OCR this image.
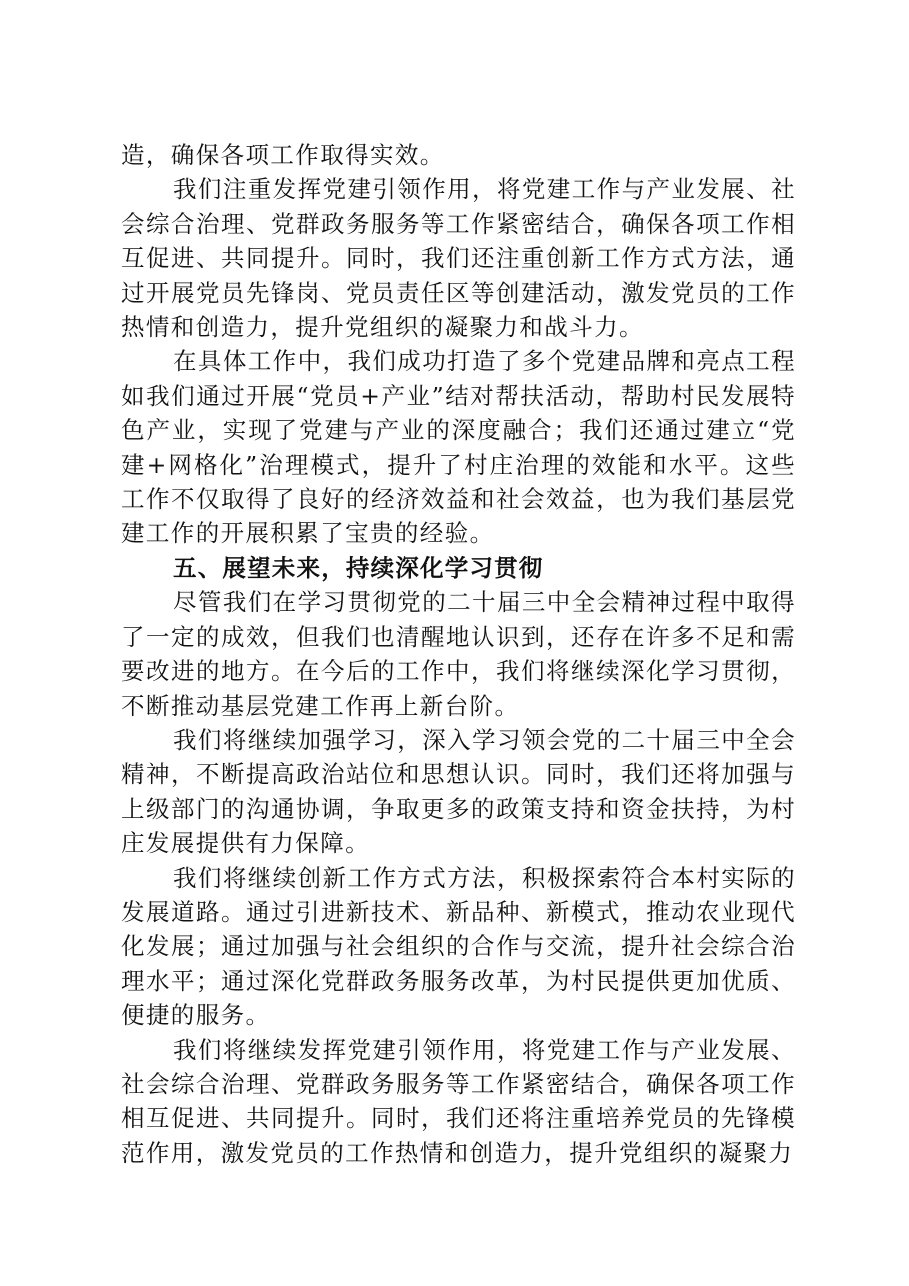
造，确保各项工作取得实效。

我们注重发挥党建引领作用，将党建工作与产业发展、社会综合治理、党群政务服务等工作紧密结合，确保各项工作相互促进、共同提升。同时，我们还注重创新工作方式方法，通过开展党员先锋岗、党员责任区等创建活动，激发党员的工作热情和创造力，提升党组织的凝聚力和战斗力。

在具体工作中，我们成功打造了多个党建品牌和亮点工程如我们通过开展“党员+产业”结对帮扶活动，帮助村民发展特色产业，实现了党建与产业的深度融合；我们还通过建立“党建+网格化”治理模式，提升了村庄治理的效能和水平。这些工作不仅取得了良好的经济效益和社会效益，也为我们基层党建工作的开展积累了宝贵的经验。

五、展望未来，持续深化学习贯彻

尽管我们在学习贯彻党的二十届三中全会精神过程中取得了一定的成效，但我们也清醒地认识到，还存在许多不足和需要改进的地方。在今后的工作中，我们将继续深化学习贯彻，不断推动基层党建工作再上新台阶。

我们将继续加强学习，深入学习领会党的二十届三中全会精神，不断提高政治站位和思想认识。同时，我们还将加强与上级部门的沟通协调，争取更多的政策支持和资金扶持，为村庄发展提供有力保障。

我们将继续创新工作方式方法，积极探索符合本村实际的发展道路。通过引进新技术、新品种、新模式，推动农业现代化发展；通过加强与社会组织的合作与交流，提升社会综合治理水平；通过深化党群政务服务改革，为村民提供更加优质、便捷的服务。

我们将继续发挥党建引领作用，将党建工作与产业发展、社会综合治理、党群政务服务等工作紧密结合，确保各项工作相互促进、共同提升。同时，我们还将注重培养党员的先锋模范作用，激发党员的工作热情和创造力，提升党组织的凝聚力
